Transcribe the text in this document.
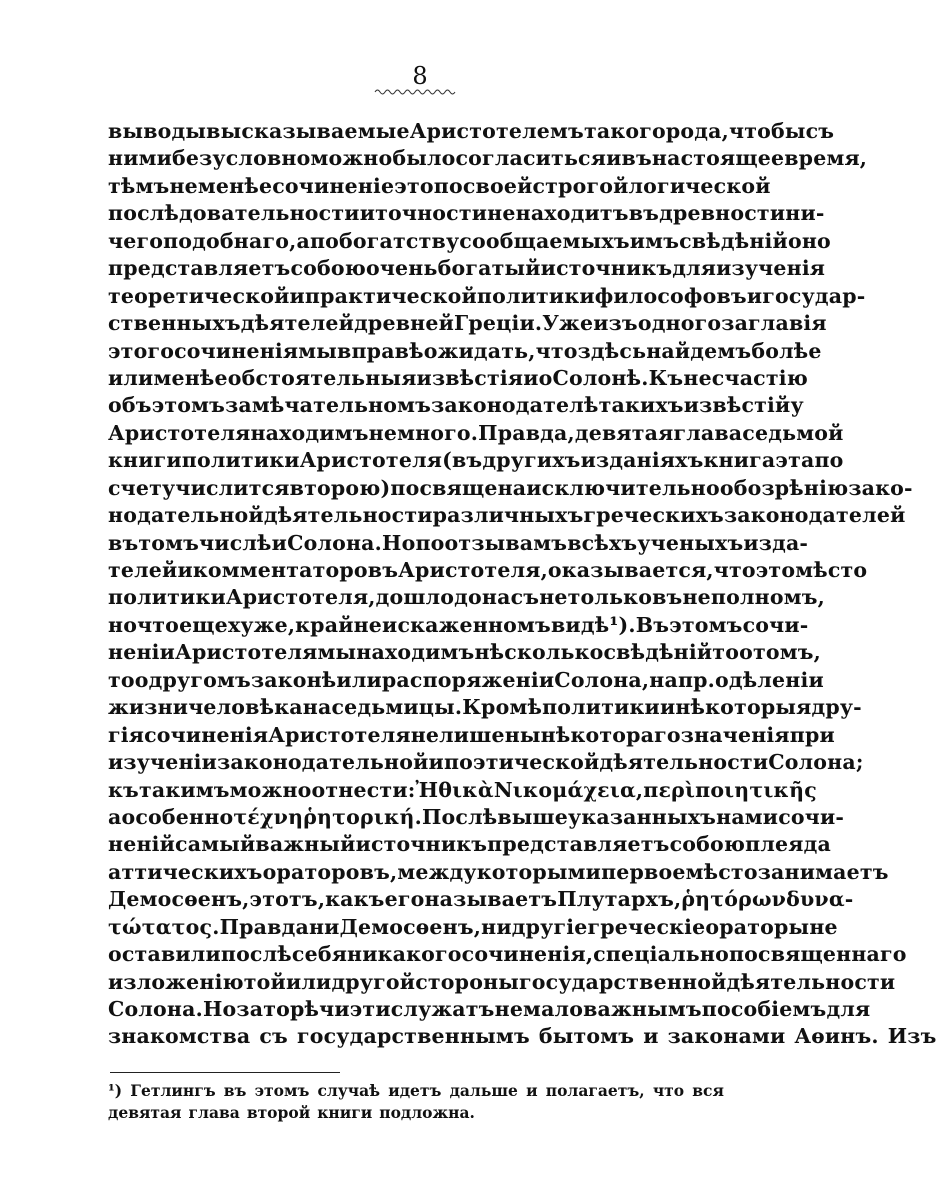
8
выводы высказываемые Аристотелемъ такого рода, чтобы съ
ними безусловно можно было согласиться и въ настоящее время,
тѣмъ не менѣе сочиненіе это по своей строгой логической
послѣдовательности и точности не находитъ въ древности ни-
чего подобнаго, а по богатству сообщаемыхъ имъ свѣдѣній оно
представляетъ собою очень богатый источникъ для изученія
теоретической и практической политики философовъ и государ-
ственныхъ дѣятелей древней Греціи. Уже изъ одного заглавія
этого сочиненія мы вправѣ ожидать, что здѣсь найдемъ болѣе
или менѣе обстоятельныя извѣстія и о Солонѣ. Къ несчастію
объ этомъ замѣчательномъ законодателѣ такихъ извѣстій у
Аристотеля находимъ немного. Правда, девятая глава седьмой
книги политики Аристотеля (въ другихъ изданіяхъ книга эта по
счету числится второю) посвящена исключительно обозрѣнію зако-
нодательной дѣятельности различныхъ греческихъ законодателей
въ томъ числѣ и Солона. Но по отзывамъ всѣхъ ученыхъ изда-
телей и комментаторовъ Аристотеля, оказывается, что это мѣсто
политики Аристотеля, дошло до насъ не только въ неполномъ,
но что еще хуже, крайне искаженномъ видѣ ¹). Въ этомъ сочи-
неніи Аристотеля мы находимъ нѣсколько свѣдѣній то о томъ,
то о другомъ законѣ или распоряженіи Солона, напр. о дѣленіи
жизни человѣка на седьмицы. Кромѣ политики и нѣкоторыя дру-
гія сочиненія Аристотеля не лишены нѣкотораго значенія при
изученіи законодательной и поэтической дѣятельности Солона;
къ такимъ можно отнести: Ἠθικὰ Νικομάχεια, περὶ ποιητικῆς
а особенно τέχνη ῥητορική. Послѣ вышеуказанныхъ нами сочи-
неній самый важный источникъ представляетъ собою плеяда
аттическихъ ораторовъ, между которыми первое мѣсто занимаетъ
Демосѳенъ, этотъ, какъ его называетъ Плутархъ, ῥητόρων δυνα-
τώτατος. Правда ни Демосѳенъ, ни другіе греческіе ораторы не
оставили послѣ себя никакого сочиненія, спеціально посвященнаго
изложенію той или другой стороны государственной дѣятельности
Солона. Но за то рѣчи эти служатъ немаловажнымъ пособіемъ для
знакомства съ государственнымъ бытомъ и законами Аѳинъ. Изъ
¹) Гетлингъ въ этомъ случаѣ идетъ дальше и полагаетъ, что вся
девятая глава второй книги подложна.
